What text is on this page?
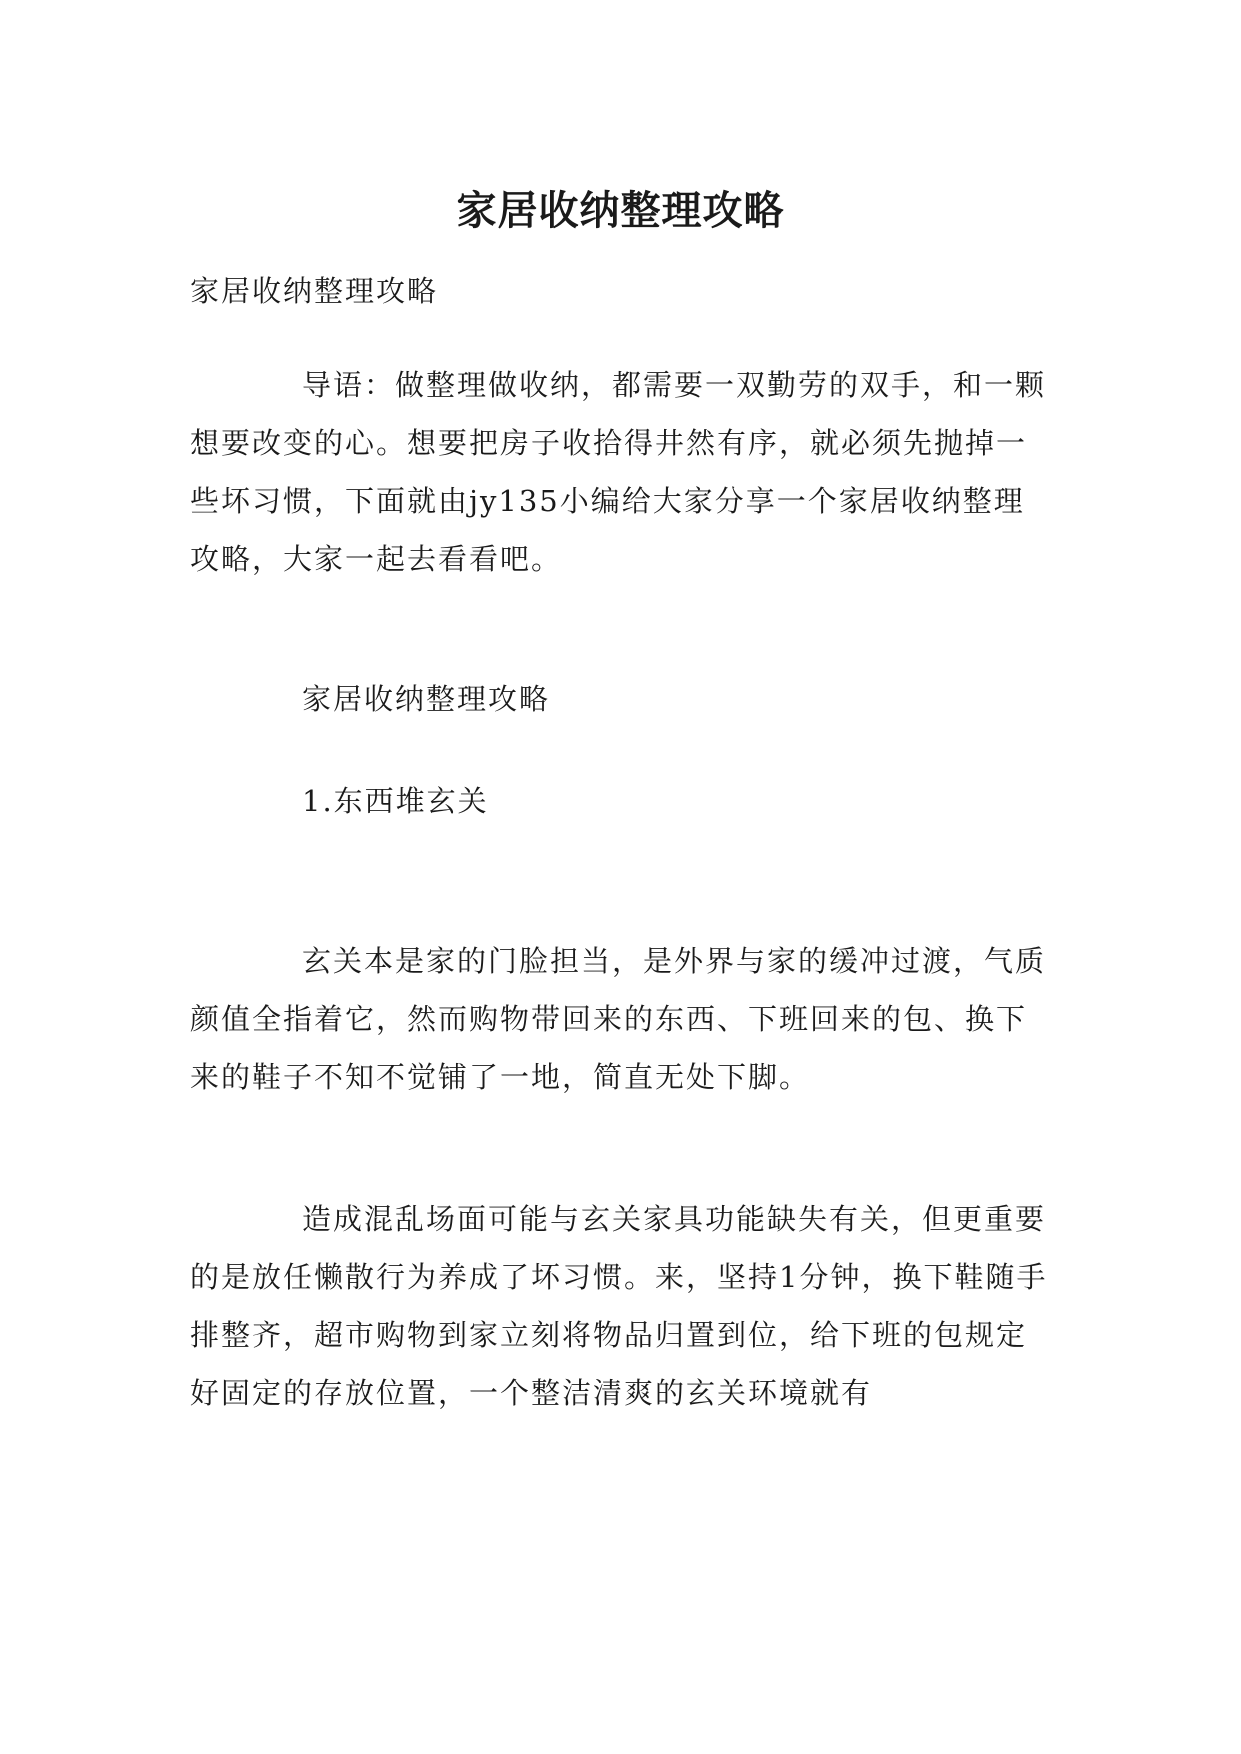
家居收纳整理攻略

家居收纳整理攻略

导语：做整理做收纳，都需要一双勤劳的双手，和一颗想要改变的心。想要把房子收拾得井然有序，就必须先抛掉一些坏习惯，下面就由jy135小编给大家分享一个家居收纳整理攻略，大家一起去看看吧。

家居收纳整理攻略

1.东西堆玄关

玄关本是家的门脸担当，是外界与家的缓冲过渡，气质颜值全指着它，然而购物带回来的东西、下班回来的包、换下来的鞋子不知不觉铺了一地，简直无处下脚。

造成混乱场面可能与玄关家具功能缺失有关，但更重要的是放任懒散行为养成了坏习惯。来，坚持1分钟，换下鞋随手排整齐，超市购物到家立刻将物品归置到位，给下班的包规定好固定的存放位置，一个整洁清爽的玄关环境就有
